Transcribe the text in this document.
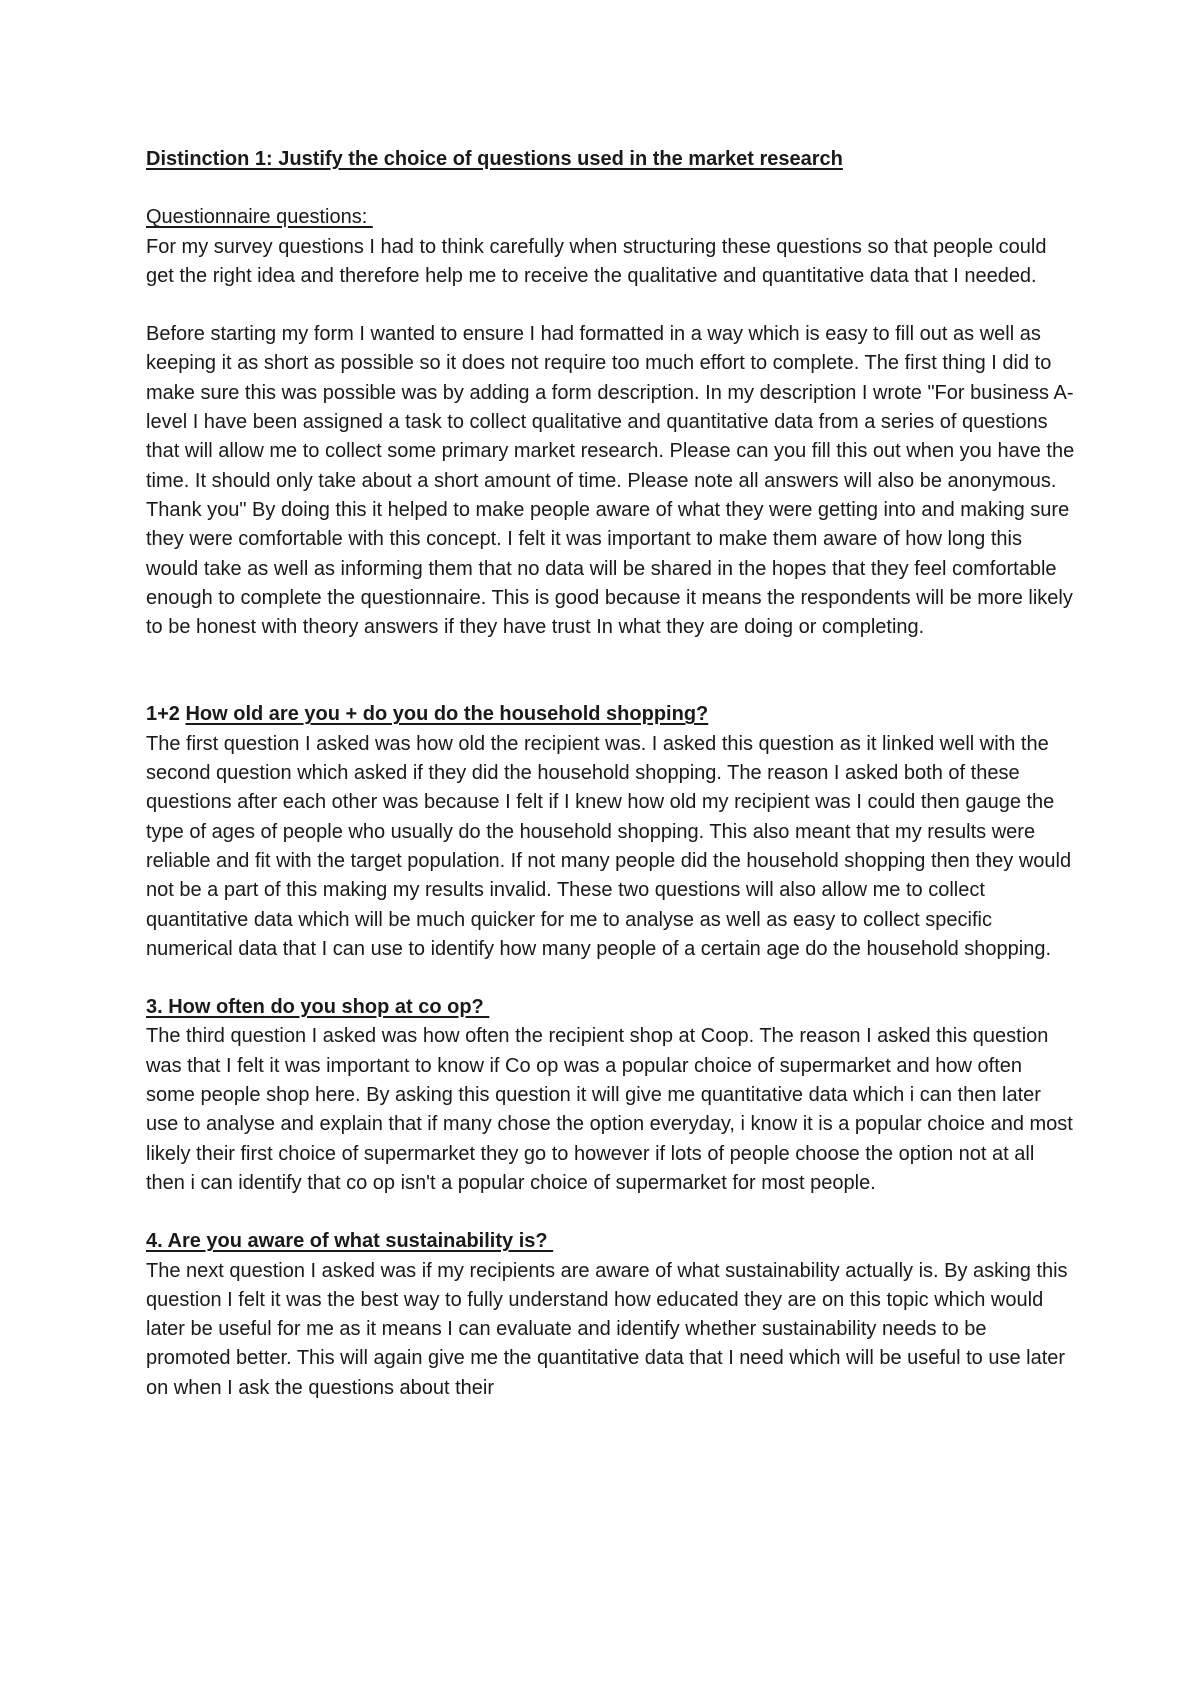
Distinction 1: Justify the choice of questions used in the market research

Questionnaire questions:

For my survey questions I had to think carefully when structuring these questions so that people could get the right idea and therefore help me to receive the qualitative and quantitative data that I needed.

Before starting my form I wanted to ensure I had formatted in a way which is easy to fill out as well as keeping it as short as possible so it does not require too much effort to complete. The first thing I did to make sure this was possible was by adding a form description. In my description I wrote "For business A-level I have been assigned a task to collect qualitative and quantitative data from a series of questions that will allow me to collect some primary market research. Please can you fill this out when you have the time. It should only take about a short amount of time. Please note all answers will also be anonymous.

Thank you" By doing this it helped to make people aware of what they were getting into and making sure they were comfortable with this concept. I felt it was important to make them aware of how long this would take as well as informing them that no data will be shared in the hopes that they feel comfortable enough to complete the questionnaire. This is good because it means the respondents will be more likely to be honest with theory answers if they have trust In what they are doing or completing.

1+2 How old are you + do you do the household shopping?

The first question I asked was how old the recipient was. I asked this question as it linked well with the second question which asked if they did the household shopping. The reason I asked both of these questions after each other was because I felt if I knew how old my recipient was I could then gauge the type of ages of people who usually do the household shopping. This also meant that my results were reliable and fit with the target population. If not many people did the household shopping then they would not be a part of this making my results invalid. These two questions will also allow me to collect quantitative data which will be much quicker for me to analyse as well as easy to collect specific numerical data that I can use to identify how many people of a certain age do the household shopping.

3. How often do you shop at co op?

The third question I asked was how often the recipient shop at Coop. The reason I asked this question was that I felt it was important to know if Co op was a popular choice of supermarket and how often some people shop here. By asking this question it will give me quantitative data which i can then later use to analyse and explain that if many chose the option everyday, i know it is a popular choice and most likely their first choice of supermarket they go to however if lots of people choose the option not at all then i can identify that co op isn't a popular choice of supermarket for most people.

4. Are you aware of what sustainability is?

The next question I asked was if my recipients are aware of what sustainability actually is. By asking this question I felt it was the best way to fully understand how educated they are on this topic which would later be useful for me as it means I can evaluate and identify whether sustainability needs to be promoted better. This will again give me the quantitative data that I need which will be useful to use later on when I ask the questions about their
